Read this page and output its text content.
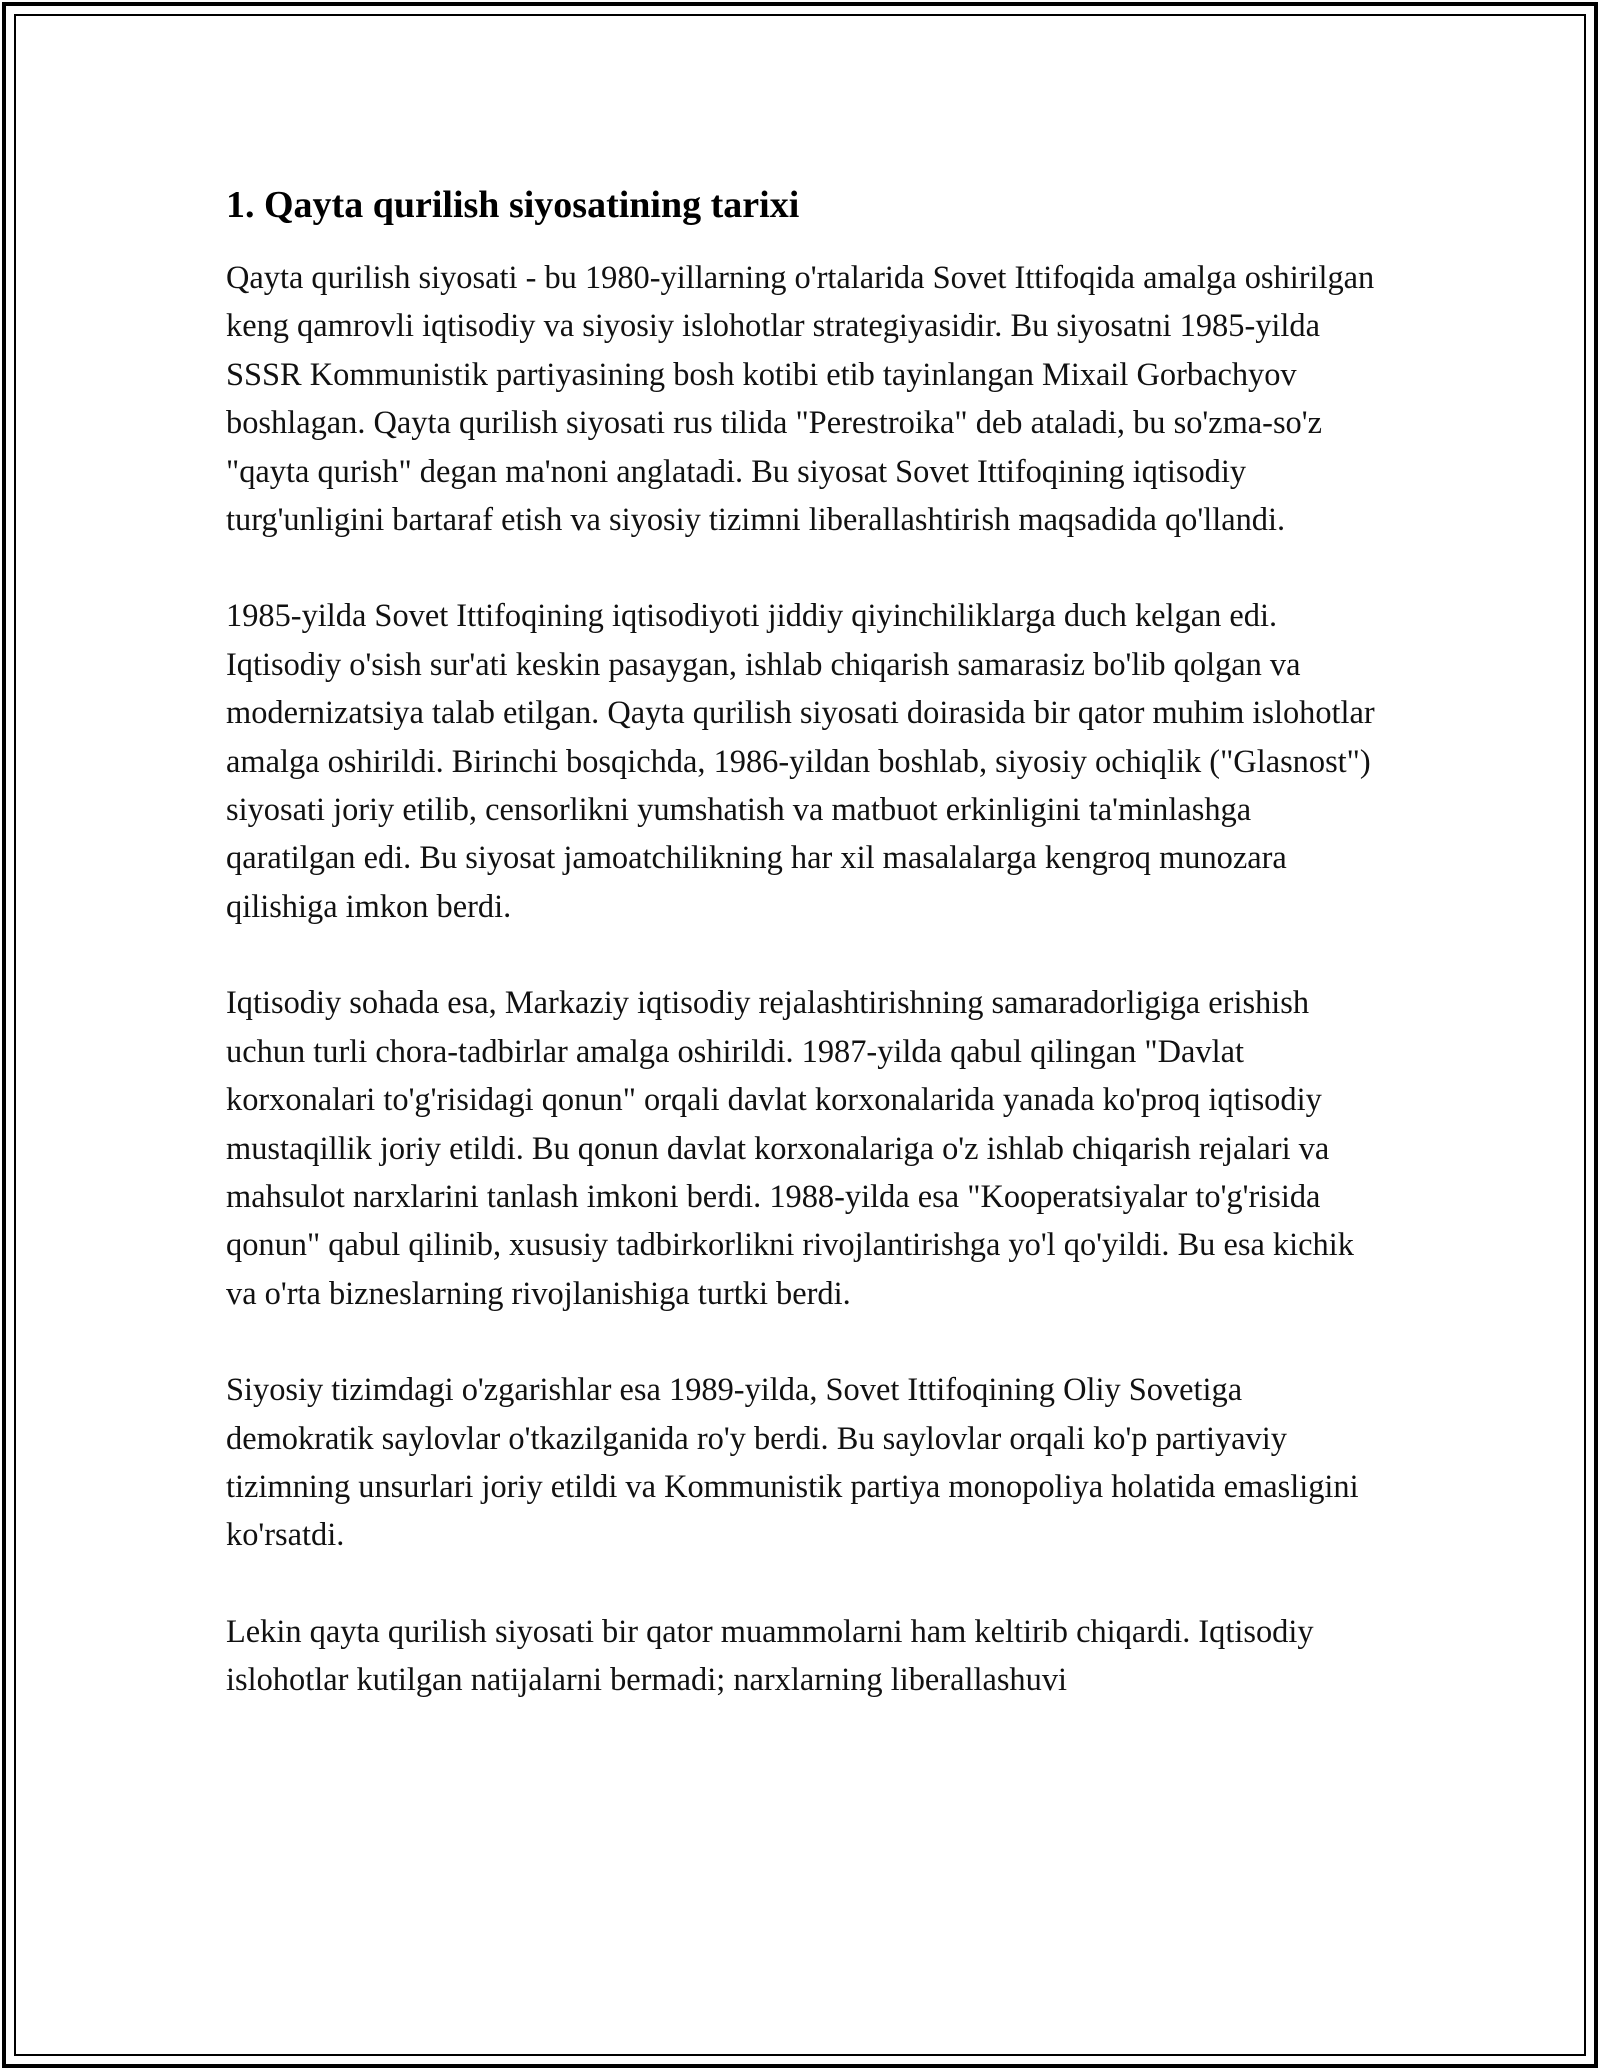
1. Qayta qurilish siyosatining tarixi

Qayta qurilish siyosati - bu 1980-yillarning o'rtalarida Sovet Ittifoqida amalga oshirilgan keng qamrovli iqtisodiy va siyosiy islohotlar strategiyasidir. Bu siyosatni 1985-yilda SSSR Kommunistik partiyasining bosh kotibi etib tayinlangan Mixail Gorbachyov boshlagan. Qayta qurilish siyosati rus tilida "Perestroika" deb ataladi, bu so'zma-so'z "qayta qurish" degan ma'noni anglatadi. Bu siyosat Sovet Ittifoqining iqtisodiy turg'unligini bartaraf etish va siyosiy tizimni liberallashtirish maqsadida qo'llandi.

1985-yilda Sovet Ittifoqining iqtisodiyoti jiddiy qiyinchiliklarga duch kelgan edi. Iqtisodiy o'sish sur'ati keskin pasaygan, ishlab chiqarish samarasiz bo'lib qolgan va modernizatsiya talab etilgan. Qayta qurilish siyosati doirasida bir qator muhim islohotlar amalga oshirildi. Birinchi bosqichda, 1986-yildan boshlab, siyosiy ochiqlik ("Glasnost") siyosati joriy etilib, censorlikni yumshatish va matbuot erkinligini ta'minlashga qaratilgan edi. Bu siyosat jamoatchilikning har xil masalalarga kengroq munozara qilishiga imkon berdi.

Iqtisodiy sohada esa, Markaziy iqtisodiy rejalashtirishning samaradorligiga erishish uchun turli chora-tadbirlar amalga oshirildi. 1987-yilda qabul qilingan "Davlat korxonalari to'g'risidagi qonun" orqali davlat korxonalarida yanada ko'proq iqtisodiy mustaqillik joriy etildi. Bu qonun davlat korxonalariga o'z ishlab chiqarish rejalari va mahsulot narxlarini tanlash imkoni berdi. 1988-yilda esa "Kooperatsiyalar to'g'risida qonun" qabul qilinib, xususiy tadbirkorlikni rivojlantirishga yo'l qo'yildi. Bu esa kichik va o'rta bizneslarning rivojlanishiga turtki berdi.

Siyosiy tizimdagi o'zgarishlar esa 1989-yilda, Sovet Ittifoqining Oliy Sovetiga demokratik saylovlar o'tkazilganida ro'y berdi. Bu saylovlar orqali ko'p partiyaviy tizimning unsurlari joriy etildi va Kommunistik partiya monopoliya holatida emasligini ko'rsatdi.

Lekin qayta qurilish siyosati bir qator muammolarni ham keltirib chiqardi. Iqtisodiy islohotlar kutilgan natijalarni bermadi; narxlarning liberallashuvi
